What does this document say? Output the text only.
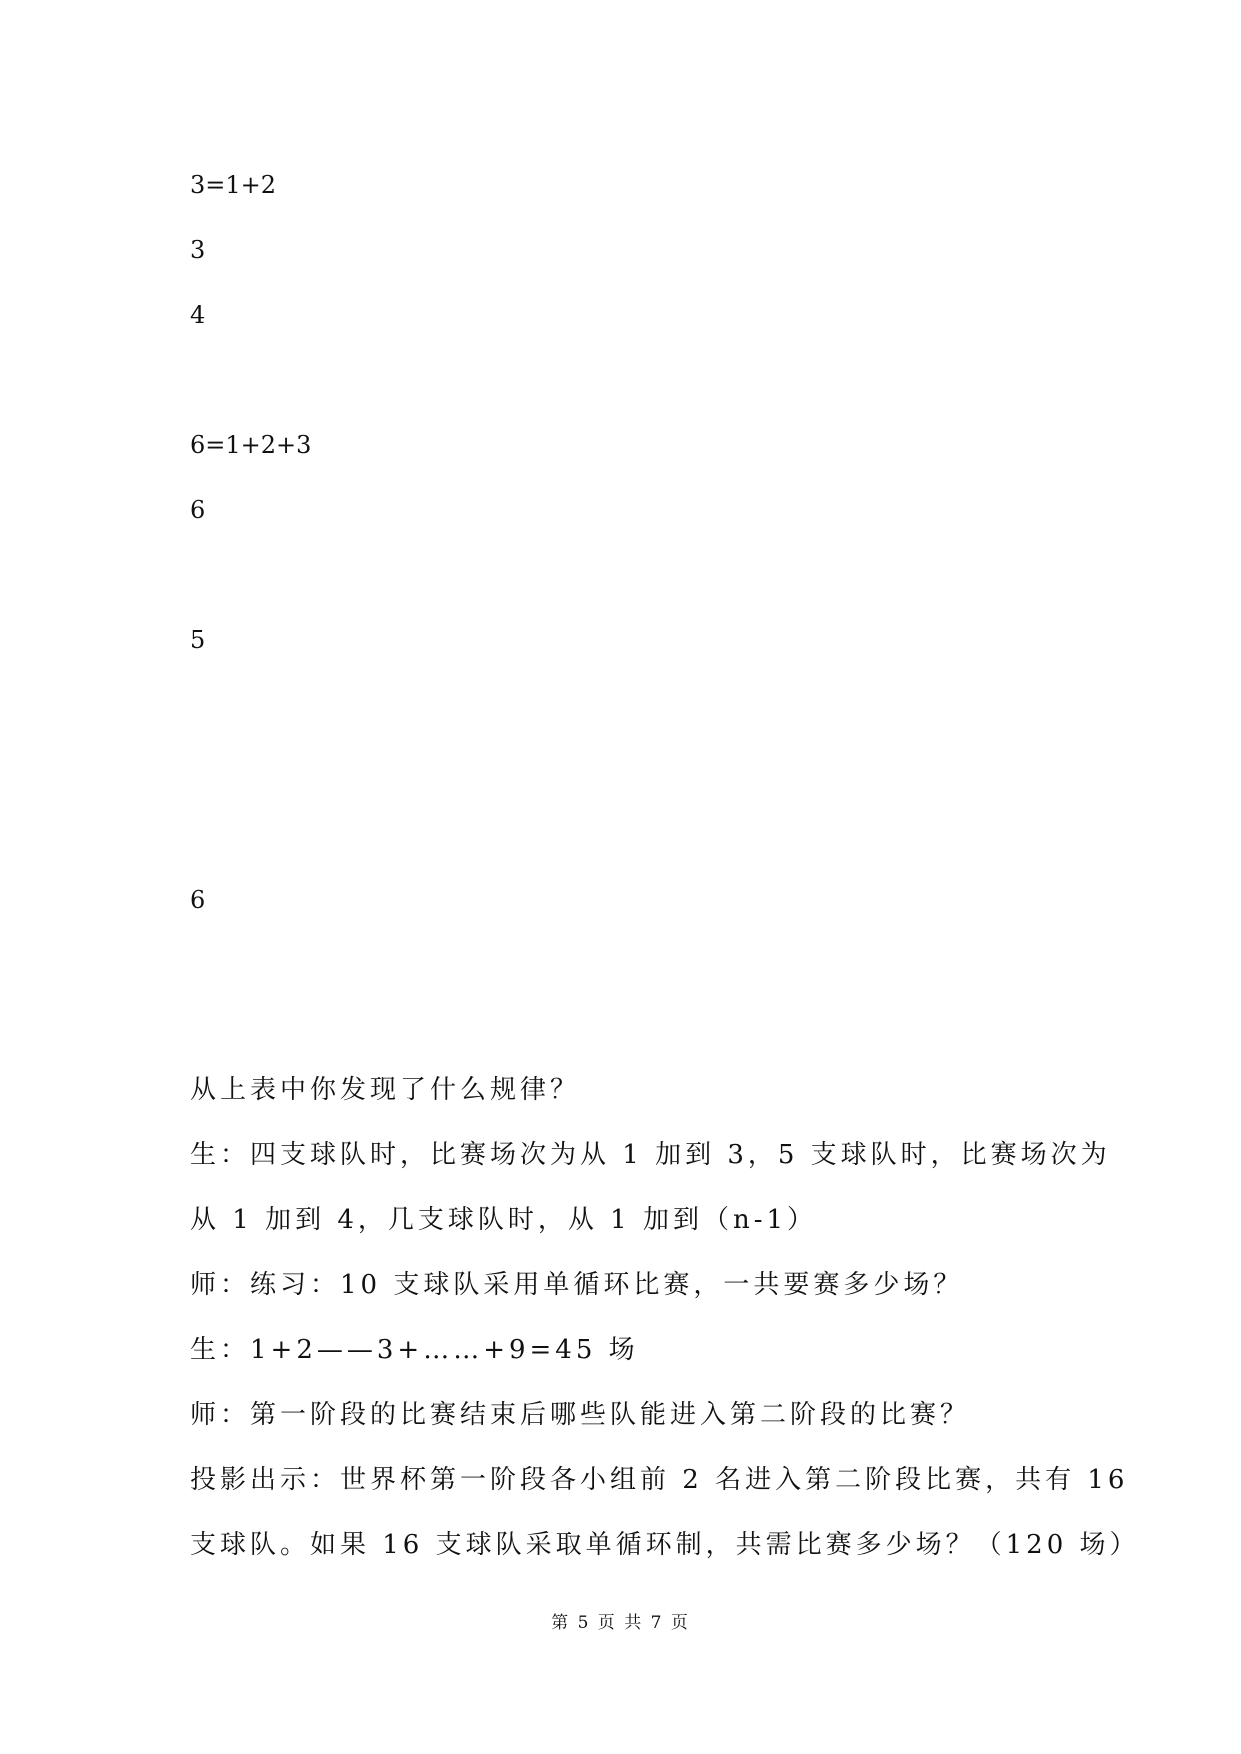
3=1+2
3
4
6=1+2+3
6
5
6
从上表中你发现了什么规律？
生：四支球队时，比赛场次为从 1 加到 3，5 支球队时，比赛场次为
从 1 加到 4，几支球队时，从 1 加到（n-1）
师：练习：10 支球队采用单循环比赛，一共要赛多少场？
生：1+2——3+……+9=45 场
师：第一阶段的比赛结束后哪些队能进入第二阶段的比赛？
投影出示：世界杯第一阶段各小组前 2 名进入第二阶段比赛，共有 16
支球队。如果 16 支球队采取单循环制，共需比赛多少场？（120 场）
第 5 页 共 7 页
